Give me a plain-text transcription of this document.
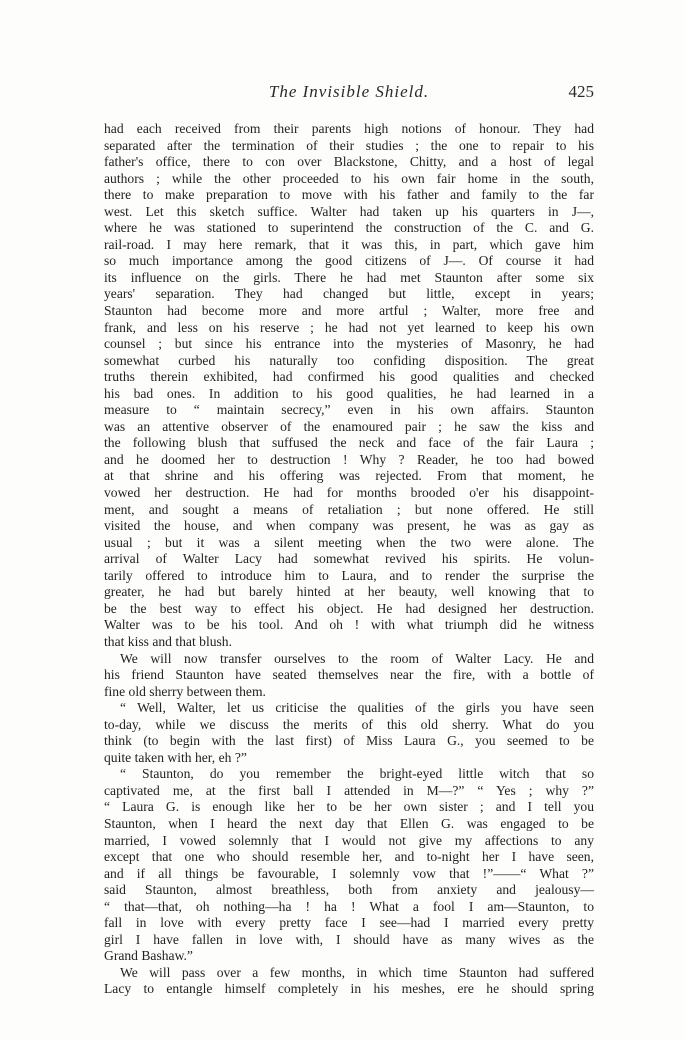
The Invisible Shield.	425
had each received from their parents high notions of honour. They had
separated after the termination of their studies ; the one to repair to his
father's office, there to con over Blackstone, Chitty, and a host of legal
authors ; while the other proceeded to his own fair home in the south,
there to make preparation to move with his father and family to the far
west. Let this sketch suffice. Walter had taken up his quarters in J—,
where he was stationed to superintend the construction of the C. and G.
rail-road. I may here remark, that it was this, in part, which gave him
so much importance among the good citizens of J—. Of course it had
its influence on the girls. There he had met Staunton after some six
years' separation. They had changed but little, except in years;
Staunton had become more and more artful ; Walter, more free and
frank, and less on his reserve ; he had not yet learned to keep his own
counsel ; but since his entrance into the mysteries of Masonry, he had
somewhat curbed his naturally too confiding disposition. The great
truths therein exhibited, had confirmed his good qualities and checked
his bad ones. In addition to his good qualities, he had learned in a
measure to “ maintain secrecy,” even in his own affairs. Staunton
was an attentive observer of the enamoured pair ; he saw the kiss and
the following blush that suffused the neck and face of the fair Laura ;
and he doomed her to destruction ! Why ? Reader, he too had bowed
at that shrine and his offering was rejected. From that moment, he
vowed her destruction. He had for months brooded o'er his disappoint-
ment, and sought a means of retaliation ; but none offered. He still
visited the house, and when company was present, he was as gay as
usual ; but it was a silent meeting when the two were alone. The
arrival of Walter Lacy had somewhat revived his spirits. He volun-
tarily offered to introduce him to Laura, and to render the surprise the
greater, he had but barely hinted at her beauty, well knowing that to
be the best way to effect his object. He had designed her destruction.
Walter was to be his tool. And oh ! with what triumph did he witness
that kiss and that blush.
We will now transfer ourselves to the room of Walter Lacy. He and
his friend Staunton have seated themselves near the fire, with a bottle of
fine old sherry between them.
“ Well, Walter, let us criticise the qualities of the girls you have seen
to-day, while we discuss the merits of this old sherry. What do you
think (to begin with the last first) of Miss Laura G., you seemed to be
quite taken with her, eh ?”
“ Staunton, do you remember the bright-eyed little witch that so
captivated me, at the first ball I attended in M—?” “ Yes ; why ?”
“ Laura G. is enough like her to be her own sister ; and I tell you
Staunton, when I heard the next day that Ellen G. was engaged to be
married, I vowed solemnly that I would not give my affections to any
except that one who should resemble her, and to-night her I have seen,
and if all things be favourable, I solemnly vow that !”——“ What ?”
said Staunton, almost breathless, both from anxiety and jealousy—
“ that—that, oh nothing—ha ! ha ! What a fool I am—Staunton, to
fall in love with every pretty face I see—had I married every pretty
girl I have fallen in love with, I should have as many wives as the
Grand Bashaw.”
We will pass over a few months, in which time Staunton had suffered
Lacy to entangle himself completely in his meshes, ere he should spring
